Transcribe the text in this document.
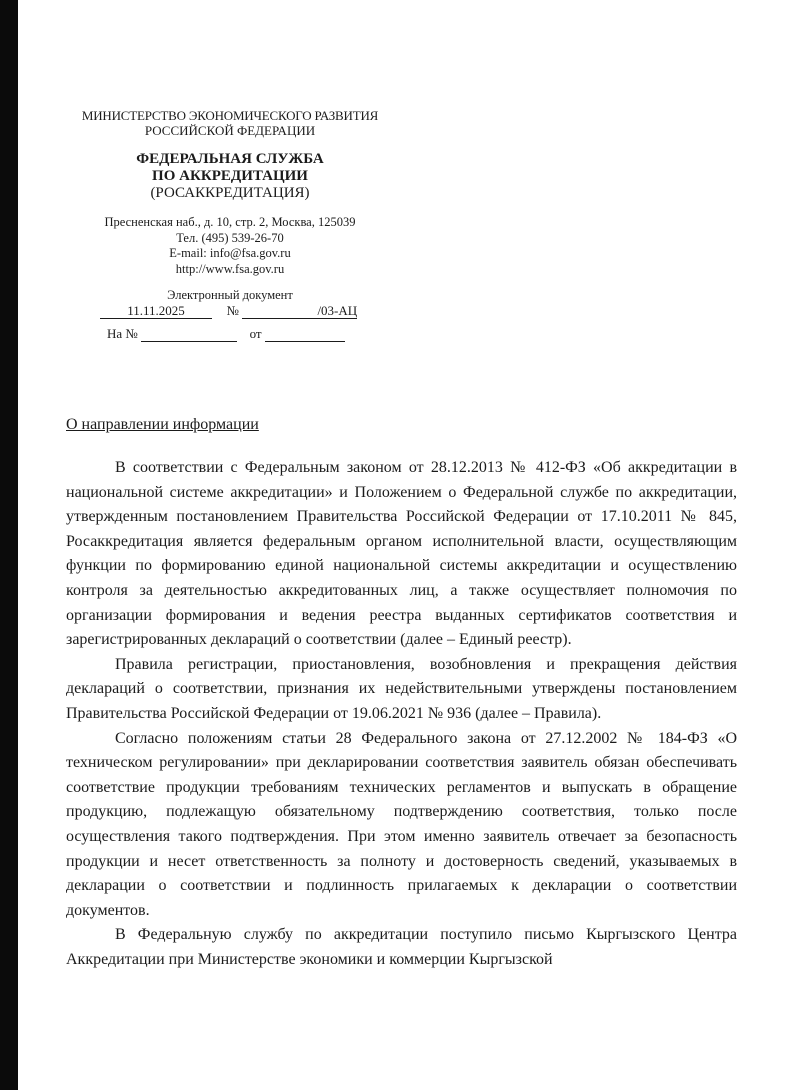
МИНИСТЕРСТВО ЭКОНОМИЧЕСКОГО РАЗВИТИЯ
РОССИЙСКОЙ ФЕДЕРАЦИИ
ФЕДЕРАЛЬНАЯ СЛУЖБА
ПО АККРЕДИТАЦИИ
(РОСАККРЕДИТАЦИЯ)
Пресненская наб., д. 10, стр. 2, Москва, 125039
Тел. (495) 539-26-70
E-mail: info@fsa.gov.ru
http://www.fsa.gov.ru
Электронный документ
11.11.2025	№	/03-АЦ
На №	от
О направлении информации

В соответствии с Федеральным законом от 28.12.2013 № 412-ФЗ «Об аккредитации в национальной системе аккредитации» и Положением о Федеральной службе по аккредитации, утвержденным постановлением Правительства Российской Федерации от 17.10.2011 № 845, Росаккредитация является федеральным органом исполнительной власти, осуществляющим функции по формированию единой национальной системы аккредитации и осуществлению контроля за деятельностью аккредитованных лиц, а также осуществляет полномочия по организации формирования и ведения реестра выданных сертификатов соответствия и зарегистрированных деклараций о соответствии (далее – Единый реестр).

Правила регистрации, приостановления, возобновления и прекращения действия деклараций о соответствии, признания их недействительными утверждены постановлением Правительства Российской Федерации от 19.06.2021 № 936 (далее – Правила).

Согласно положениям статьи 28 Федерального закона от 27.12.2002 № 184-ФЗ «О техническом регулировании» при декларировании соответствия заявитель обязан обеспечивать соответствие продукции требованиям технических регламентов и выпускать в обращение продукцию, подлежащую обязательному подтверждению соответствия, только после осуществления такого подтверждения. При этом именно заявитель отвечает за безопасность продукции и несет ответственность за полноту и достоверность сведений, указываемых в декларации о соответствии и подлинность прилагаемых к декларации о соответствии документов.

В Федеральную службу по аккредитации поступило письмо Кыргызского Центра Аккредитации при Министерстве экономики и коммерции Кыргызской
